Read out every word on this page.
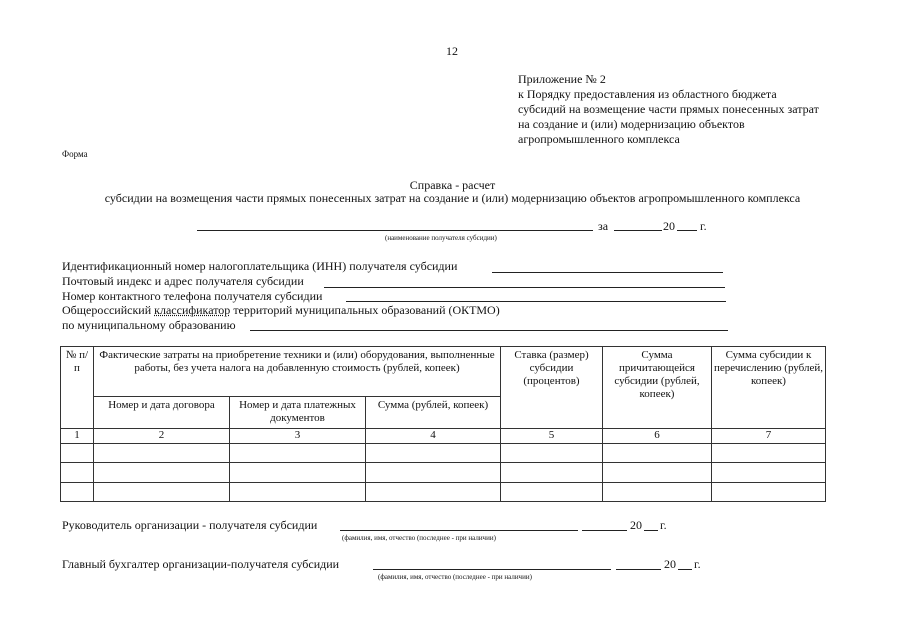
12
Приложение № 2
к Порядку предоставления из областного бюджета
субсидий на возмещение части прямых понесенных затрат
на создание и (или) модернизацию объектов
агропромышленного комплекса
Форма
Справка - расчет
субсидии на возмещения части прямых понесенных затрат на создание и (или) модернизацию объектов агропромышленного комплекса
за	20 г.
(наименование получателя субсидии)
Идентификационный номер налогоплательщика (ИНН) получателя субсидии
Почтовый индекс и адрес получателя субсидии
Номер контактного телефона получателя субсидии
Общероссийский классификатор территорий муниципальных образований (ОКТМО)
по муниципальному образованию
№ п/п	Фактические затраты на приобретение техники и (или) оборудования, выполненные работы, без учета налога на добавленную стоимость (рублей, копеек)			Ставка (размер) субсидии (процентов)	Сумма причитающейся субсидии (рублей, копеек)	Сумма субсидии к перечислению (рублей, копеек)
	Номер и дата договора	Номер и дата платежных документов	Сумма (рублей, копеек)			
1	2	3	4	5	6	7

Руководитель организации - получателя субсидии	20 г.
(фамилия, имя, отчество (последнее - при наличии)
Главный бухгалтер организации-получателя субсидии	20 г.
(фамилия, имя, отчество (последнее - при наличии)
